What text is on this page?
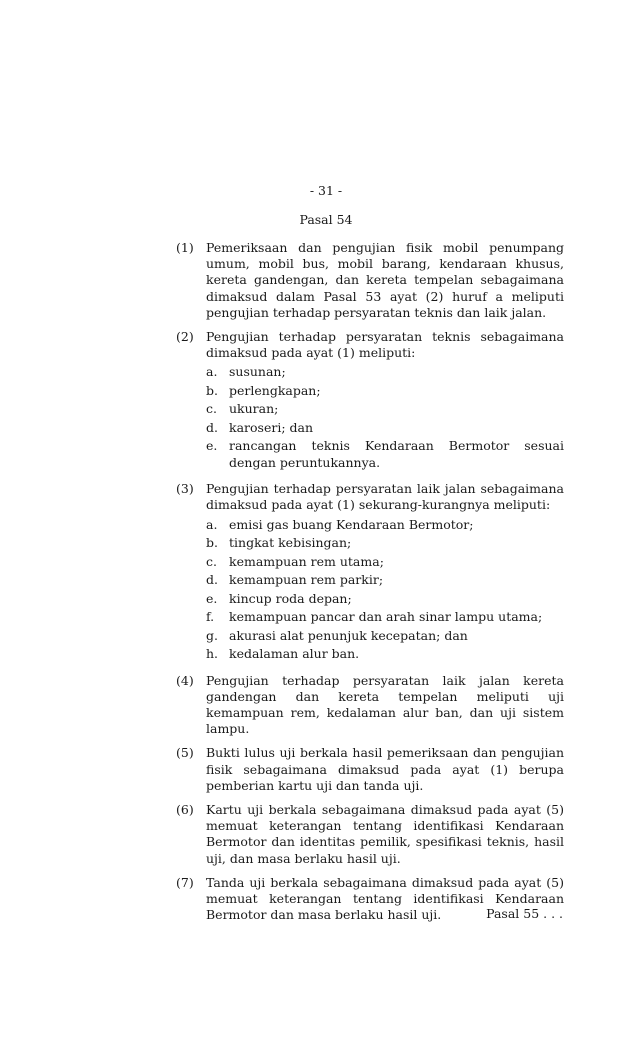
- 31 -
Pasal 54
(1) Pemeriksaan dan pengujian fisik mobil penumpang umum, mobil bus, mobil barang, kendaraan khusus, kereta gandengan, dan kereta tempelan sebagaimana dimaksud dalam Pasal 53 ayat (2) huruf a meliputi pengujian terhadap persyaratan teknis dan laik jalan.
(2) Pengujian terhadap persyaratan teknis sebagaimana dimaksud pada ayat (1) meliputi:
a. susunan;
b. perlengkapan;
c. ukuran;
d. karoseri; dan
e. rancangan teknis Kendaraan Bermotor sesuai dengan peruntukannya.
(3) Pengujian terhadap persyaratan laik jalan sebagaimana dimaksud pada ayat (1) sekurang-kurangnya meliputi:
a. emisi gas buang Kendaraan Bermotor;
b. tingkat kebisingan;
c. kemampuan rem utama;
d. kemampuan rem parkir;
e. kincup roda depan;
f.	kemampuan pancar dan arah sinar lampu utama;
g. akurasi alat penunjuk kecepatan; dan
h. kedalaman alur ban.
(4) Pengujian terhadap persyaratan laik jalan kereta gandengan dan kereta tempelan meliputi uji kemampuan rem, kedalaman alur ban, dan uji sistem lampu.
(5) Bukti lulus uji berkala hasil pemeriksaan dan pengujian fisik sebagaimana dimaksud pada ayat (1) berupa pemberian kartu uji dan tanda uji.
(6) Kartu uji berkala sebagaimana dimaksud pada ayat (5) memuat keterangan tentang identifikasi Kendaraan Bermotor dan identitas pemilik, spesifikasi teknis, hasil uji, dan masa berlaku hasil uji.
(7) Tanda uji berkala sebagaimana dimaksud pada ayat (5) memuat keterangan tentang identifikasi Kendaraan Bermotor dan masa berlaku hasil uji.	Pasal 55 . . .
